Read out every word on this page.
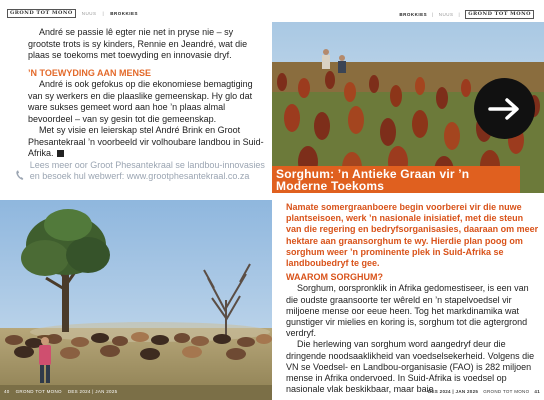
GROND TOT MONO	NUUS | BROKKIES

André se passie lê egter nie net in pryse nie – sy grootste trots is sy kinders, Rennie en Jeandré, wat die plaas se toekoms met toewyding en innovasie dryf.

’N TOEWYDING AAN MENSE

André is ook gefokus op die ekonomiese bemagtiging van sy werkers en die plaaslike gemeenskap. Hy glo dat ware sukses gemeet word aan hoe ’n plaas almal bevoordeel – van sy gesin tot die gemeenskap.

Met sy visie en leierskap stel André Brink en Groot Phesantekraal ’n voorbeeld vir volhoubare landbou in Suid-Afrika.

Lees meer oor Groot Phesantekraal se landbou-innovasies en besoek hul webwerf: www.grootphesantekraal.co.za
40 GROND TOT MONO DES 2024 | JAN 2025
BROKKIES | NUUS |	GROND TOT MONO
Sorghum: ’n Antieke Graan vir ’n Moderne Toekoms

Namate somergraanboere begin voorberei vir die nuwe plantseisoen, werk ’n nasionale inisiatief, met die steun van die regering en bedryfsorganisasies, daaraan om meer hektare aan graansorghum te wy. Hierdie plan poog om sorghum weer ’n prominente plek in Suid-Afrika se landboubedryf te gee.

WAAROM SORGHUM?

Sorghum, oorspronklik in Afrika gedomestiseer, is een van die oudste graansoorte ter wêreld en ’n stapelvoedsel vir miljoene mense oor eeue heen. Tog het markdinamika wat gunstiger vir mielies en koring is, sorghum tot die agtergrond verdryf.

Die herlewing van sorghum word aangedryf deur die dringende noodsaaklikheid van voedselsekerheid. Volgens die VN se Voedsel- en Landbou-organisasie (FAO) is 282 miljoen mense in Afrika ondervoed. In Suid-Afrika is voedsel op nasionale vlak beskikbaar, maar baie

DES 2024 | JAN 2025 GROND TOT MONO 41
